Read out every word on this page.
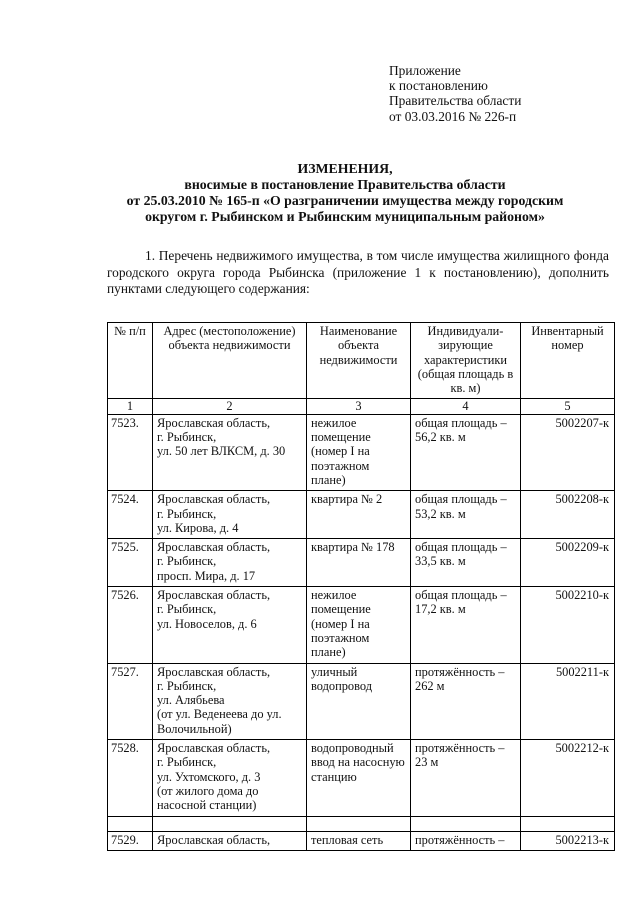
Приложение
к постановлению
Правительства области
от 03.03.2016 № 226-п
ИЗМЕНЕНИЯ,
вносимые в постановление Правительства области
от 25.03.2010 № 165-п «О разграничении имущества между городским
округом г. Рыбинском и Рыбинским муниципальным районом»
1. Перечень недвижимого имущества, в том числе имущества жилищного фонда городского округа города Рыбинска (приложение 1 к постановлению), дополнить пунктами следующего содержания:
№ п/п	Адрес (местоположение) объекта недвижимости	Наименование объекта недвижимости	Индивидуали- зирующие характеристики (общая площадь в кв. м)	Инвентарный номер
1	2	3	4	5
7523.	Ярославская область,
г. Рыбинск,
ул. 50 лет ВЛКСМ, д. 30	нежилое помещение (номер I на поэтажном плане)	общая площадь – 56,2 кв. м	5002207-к
7524.	Ярославская область,
г. Рыбинск,
ул. Кирова, д. 4	квартира № 2	общая площадь – 53,2 кв. м	5002208-к
7525.	Ярославская область,
г. Рыбинск,
просп. Мира, д. 17	квартира № 178	общая площадь – 33,5 кв. м	5002209-к
7526.	Ярославская область,
г. Рыбинск,
ул. Новоселов, д. 6	нежилое помещение (номер I на поэтажном плане)	общая площадь – 17,2 кв. м	5002210-к
7527.	Ярославская область,
г. Рыбинск,
ул. Алябьева
(от ул. Веденеева до ул. Волочильной)	уличный водопровод	протяжённость – 262 м	5002211-к
7528.	Ярославская область,
г. Рыбинск,
ул. Ухтомского, д. 3
(от жилого дома до насосной станции)	водопроводный ввод на насосную станцию	протяжённость – 23 м	5002212-к

7529.	Ярославская область,	тепловая сеть	протяжённость –	5002213-к
